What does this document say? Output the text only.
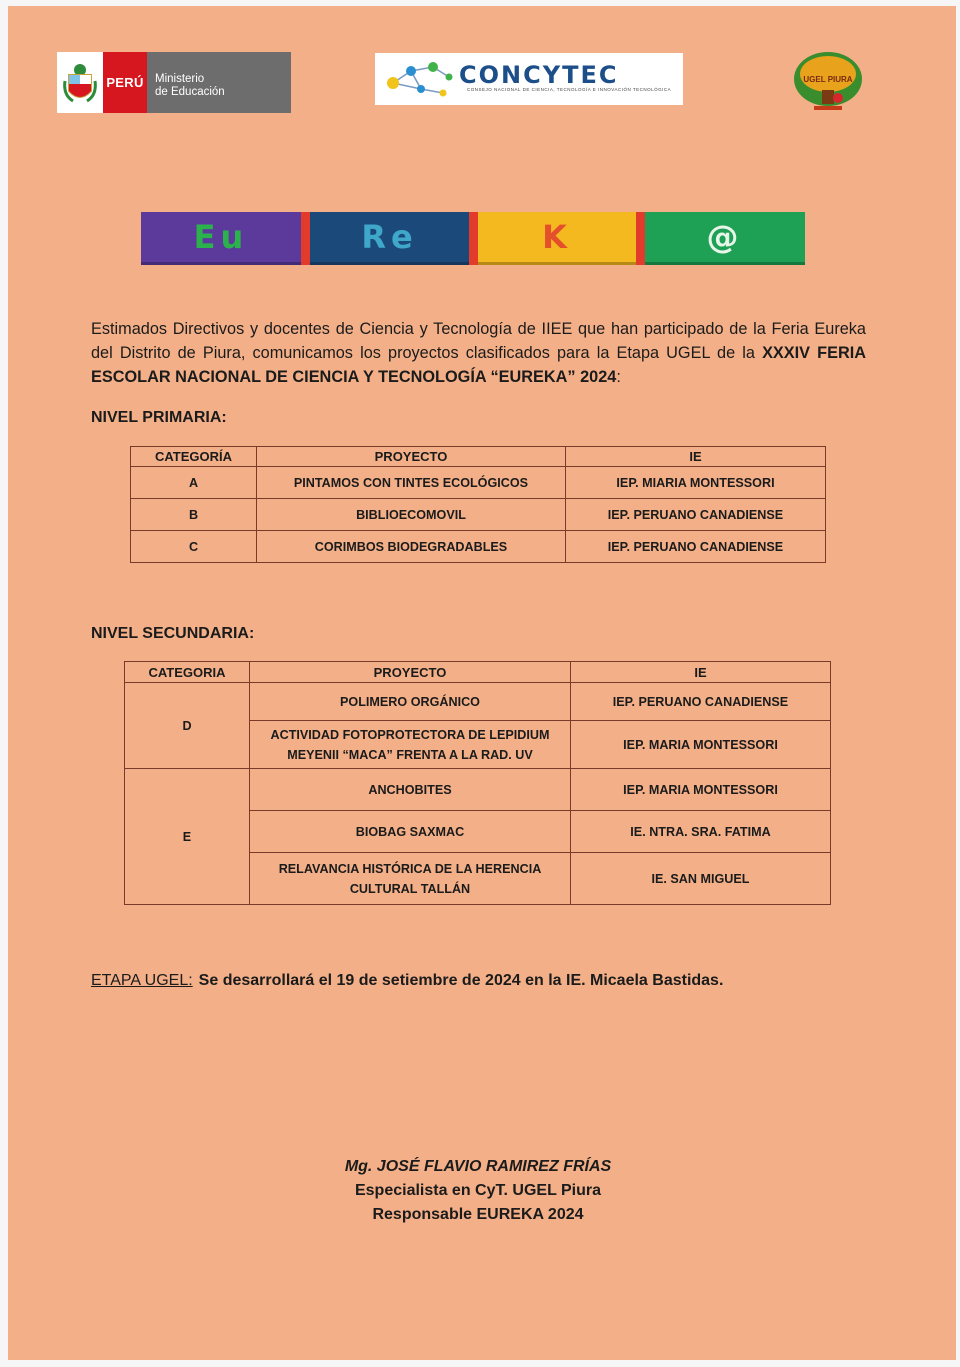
PERÚ Ministerio
de Educación
CONCYTEC
CONSEJO NACIONAL DE CIENCIA, TECNOLOGÍA E INNOVACIÓN TECNOLÓGICA
UGEL PIURA
Eu	Re	K	@
Estimados Directivos y docentes de Ciencia y Tecnología de IIEE que han participado de la Feria Eureka del Distrito de Piura, comunicamos los proyectos clasificados para la Etapa UGEL de la XXXIV FERIA ESCOLAR NACIONAL DE CIENCIA Y TECNOLOGÍA “EUREKA” 2024:
NIVEL PRIMARIA:
CATEGORÍA	PROYECTO	IE
A	PINTAMOS CON TINTES ECOLÓGICOS	IEP. MIARIA MONTESSORI
B	BIBLIOECOMOVIL	IEP. PERUANO CANADIENSE
C	CORIMBOS BIODEGRADABLES	IEP. PERUANO CANADIENSE
NIVEL SECUNDARIA:
CATEGORIA	PROYECTO	IE
D	POLIMERO ORGÁNICO	IEP. PERUANO CANADIENSE

	ACTIVIDAD FOTOPROTECTORA DE LEPIDIUM
MEYENII “MACA” FRENTA A LA RAD. UV	IEP. MARIA MONTESSORI
E	ANCHOBITES	IEP. MARIA MONTESSORI
	BIOBAG SAXMAC	IE. NTRA. SRA. FATIMA

	RELAVANCIA HISTÓRICA DE LA HERENCIA
CULTURAL TALLÁN	IE. SAN MIGUEL
ETAPA UGEL: Se desarrollará el 19 de setiembre de 2024 en la IE. Micaela Bastidas.
Mg. JOSÉ FLAVIO RAMIREZ FRÍAS
Especialista en CyT. UGEL Piura
Responsable EUREKA 2024
